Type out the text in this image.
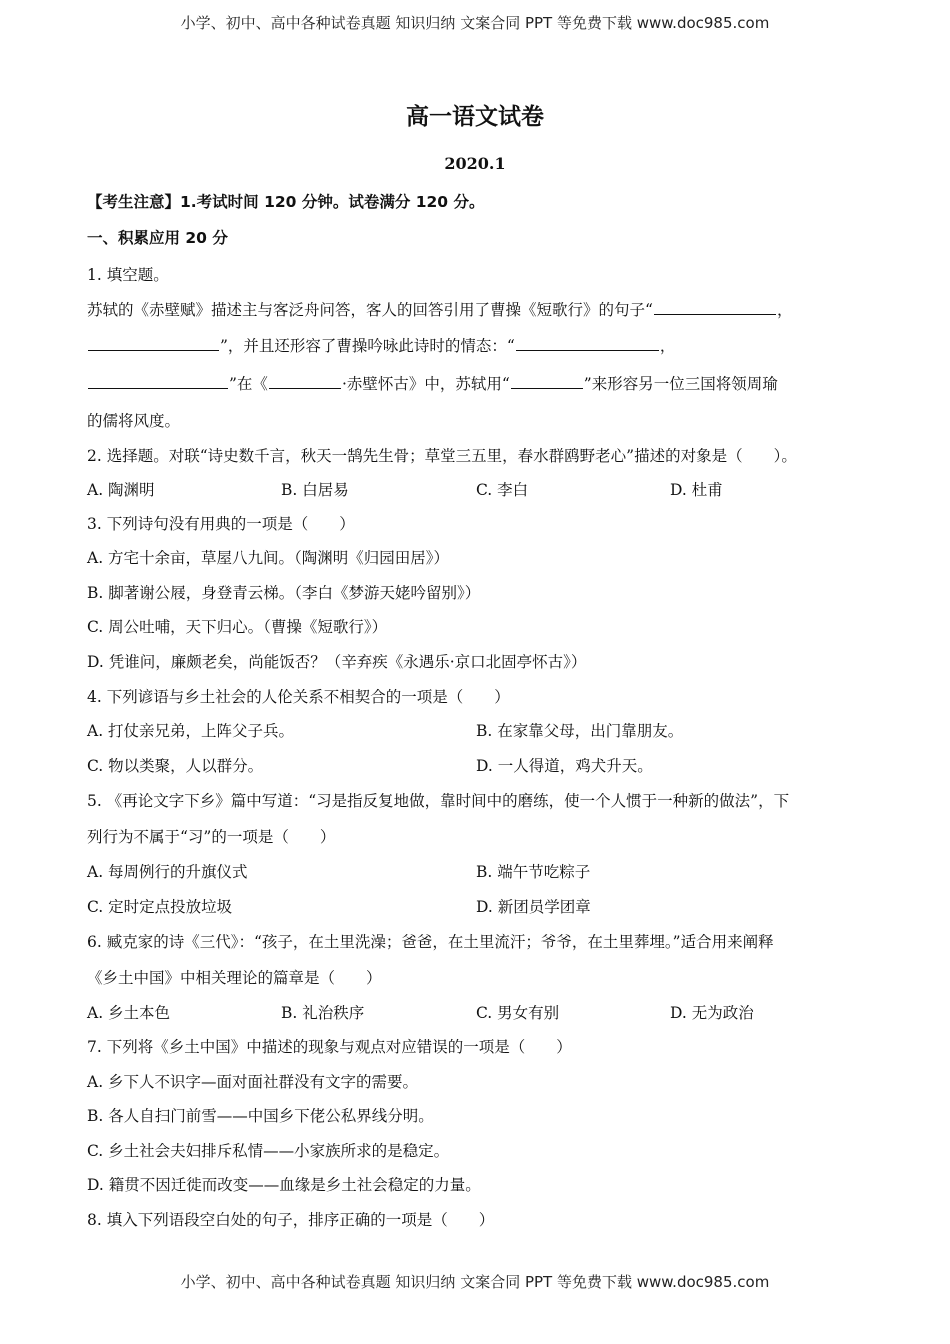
小学、初中、高中各种试卷真题 知识归纳 文案合同 PPT 等免费下载 www.doc985.com
高一语文试卷
2020.1
【考生注意】1.考试时间 120 分钟。试卷满分 120 分。
一、积累应用 20 分
1. 填空题。
苏轼的《赤壁赋》描述主与客泛舟问答，客人的回答引用了曹操《短歌行》的句子“	，
”，并且还形容了曹操吟咏此诗时的情态：“	，
”在《	·赤壁怀古》中，苏轼用“	”来形容另一位三国将领周瑜
的儒将风度。
2. 选择题。对联“诗史数千言，秋天一鹄先生骨；草堂三五里，春水群鸥野老心”描述的对象是（　　）。
A. 陶渊明	B. 白居易	C. 李白	D. 杜甫
3. 下列诗句没有用典的一项是（　　）
A. 方宅十余亩，草屋八九间。（陶渊明《归园田居》）
B. 脚著谢公屐，身登青云梯。（李白《梦游天姥吟留别》）
C. 周公吐哺，天下归心。（曹操《短歌行》）
D. 凭谁问，廉颇老矣，尚能饭否？（辛弃疾《永遇乐·京口北固亭怀古》）
4. 下列谚语与乡土社会的人伦关系不相契合的一项是（　　）
A. 打仗亲兄弟，上阵父子兵。	B. 在家靠父母，出门靠朋友。
C. 物以类聚，人以群分。	D. 一人得道，鸡犬升天。
5. 《再论文字下乡》篇中写道：“习是指反复地做，靠时间中的磨练，使一个人惯于一种新的做法”，下
列行为不属于“习”的一项是（　　）
A. 每周例行的升旗仪式	B. 端午节吃粽子
C. 定时定点投放垃圾	D. 新团员学团章
6. 臧克家的诗《三代》：“孩子，在土里洗澡；爸爸，在土里流汗；爷爷，在土里葬埋。”适合用来阐释
《乡土中国》中相关理论的篇章是（　　）
A. 乡土本色	B. 礼治秩序	C. 男女有别	D. 无为政治
7. 下列将《乡土中国》中描述的现象与观点对应错误的一项是（　　）
A. 乡下人不识字—面对面社群没有文字的需要。
B. 各人自扫门前雪——中国乡下佬公私界线分明。
C. 乡土社会夫妇排斥私情——小家族所求的是稳定。
D. 籍贯不因迁徙而改变——血缘是乡土社会稳定的力量。
8. 填入下列语段空白处的句子，排序正确的一项是（　　）
小学、初中、高中各种试卷真题 知识归纳 文案合同 PPT 等免费下载 www.doc985.com
